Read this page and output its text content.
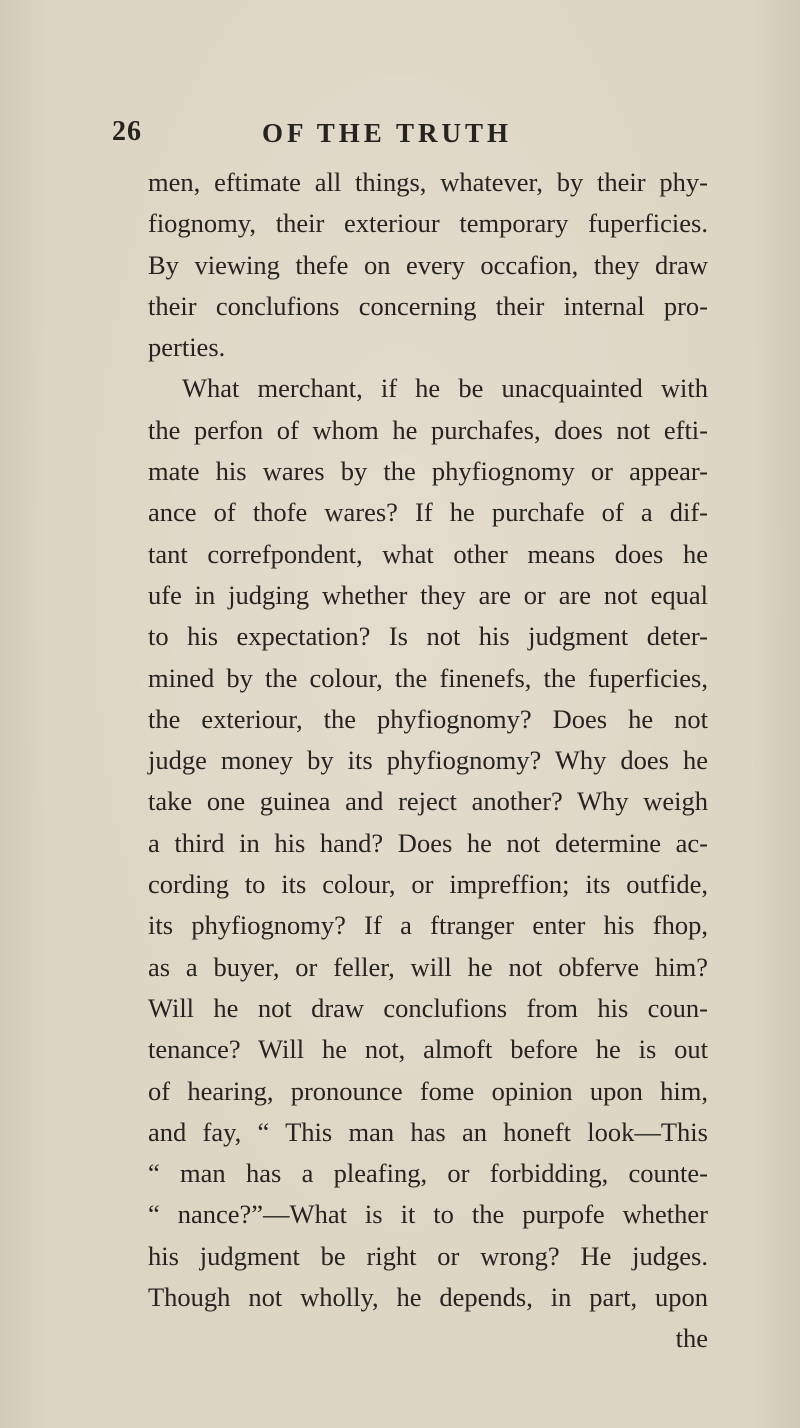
26	OF THE TRUTH
men, eftimate all things, whatever, by their phy-
fiognomy, their exteriour temporary fuperficies.
By viewing thefe on every occafion, they draw
their conclufions concerning their internal pro-
perties.
What merchant, if he be unacquainted with
the perfon of whom he purchafes, does not efti-
mate his wares by the phyfiognomy or appear-
ance of thofe wares? If he purchafe of a dif-
tant correfpondent, what other means does he
ufe in judging whether they are or are not equal
to his expectation? Is not his judgment deter-
mined by the colour, the finenefs, the fuperficies,
the exteriour, the phyfiognomy? Does he not
judge money by its phyfiognomy? Why does he
take one guinea and reject another? Why weigh
a third in his hand? Does he not determine ac-
cording to its colour, or impreffion; its outfide,
its phyfiognomy? If a ftranger enter his fhop,
as a buyer, or feller, will he not obferve him?
Will he not draw conclufions from his coun-
tenance? Will he not, almoft before he is out
of hearing, pronounce fome opinion upon him,
and fay, “ This man has an honeft look—This
“ man has a pleafing, or forbidding, counte-
“ nance?”—What is it to the purpofe whether
his judgment be right or wrong? He judges.
Though not wholly, he depends, in part, upon
the
